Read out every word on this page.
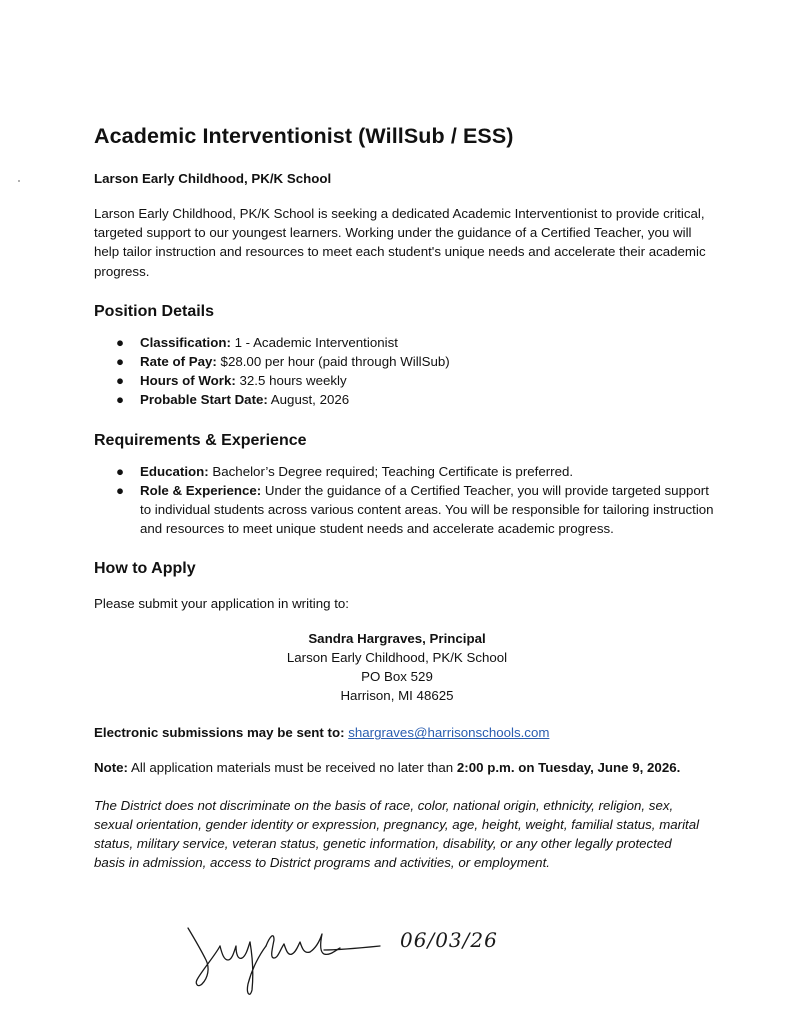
Academic Interventionist (WillSub / ESS)
Larson Early Childhood, PK/K School

Larson Early Childhood, PK/K School is seeking a dedicated Academic Interventionist to provide critical, targeted support to our youngest learners. Working under the guidance of a Certified Teacher, you will help tailor instruction and resources to meet each student's unique needs and accelerate their academic progress.

Position Details
● Classification: 1 - Academic Interventionist
● Rate of Pay: $28.00 per hour (paid through WillSub)
● Hours of Work: 32.5 hours weekly
● Probable Start Date: August, 2026
Requirements & Experience
● Education: Bachelor’s Degree required; Teaching Certificate is preferred.
● Role & Experience: Under the guidance of a Certified Teacher, you will provide targeted support to individual students across various content areas. You will be responsible for tailoring instruction and resources to meet unique student needs and accelerate academic progress.
How to Apply
Please submit your application in writing to:
Sandra Hargraves, Principal
Larson Early Childhood, PK/K School
PO Box 529
Harrison, MI 48625
Electronic submissions may be sent to: shargraves@harrisonschools.com
Note: All application materials must be received no later than 2:00 p.m. on Tuesday, June 9, 2026.
The District does not discriminate on the basis of race, color, national origin, ethnicity, religion, sex, sexual orientation, gender identity or expression, pregnancy, age, height, weight, familial status, marital status, military service, veteran status, genetic information, disability, or any other legally protected basis in admission, access to District programs and activities, or employment.
06/03/26
